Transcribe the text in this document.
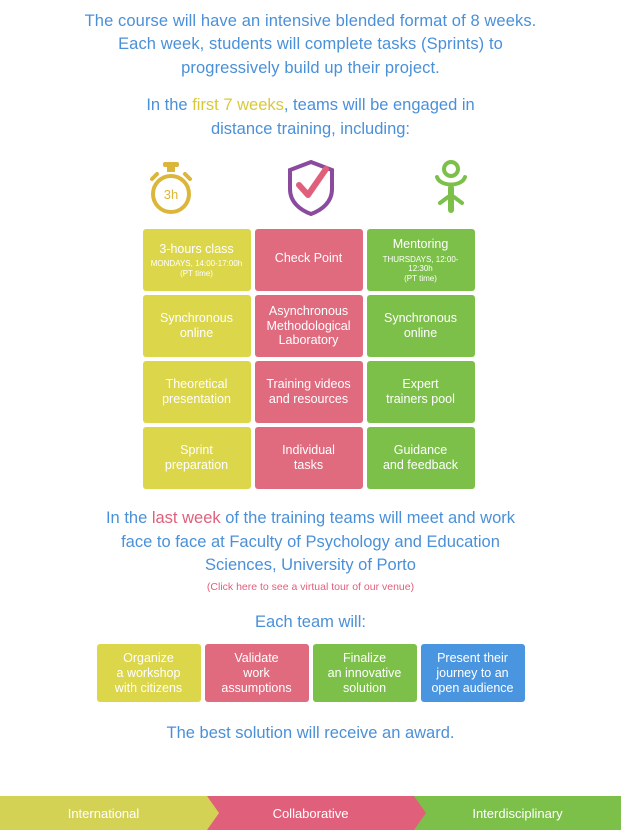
The course will have an intensive blended format of 8 weeks.
Each week, students will complete tasks (Sprints) to
progressively build up their project.
In the first 7 weeks, teams will be engaged in
distance training, including:
3h
3-hours class
MONDAYS, 14:00-17:00h
(PT time)
Check Point
Mentoring
THURSDAYS, 12:00-12:30h
(PT time)
Synchronous
online
Asynchronous
Methodological
Laboratory
Synchronous
online
Theoretical
presentation
Training videos
and resources
Expert
trainers pool
Sprint
preparation
Individual
tasks
Guidance
and feedback
In the last week of the training teams will meet and work
face to face at Faculty of Psychology and Education
Sciences, University of Porto
(Click here to see a virtual tour of our venue)
Each team will:
Organize
a workshop
with citizens
Validate
work
assumptions
Finalize
an innovative
solution
Present their
journey to an
open audience
The best solution will receive an award.
International	Collaborative	Interdisciplinary
